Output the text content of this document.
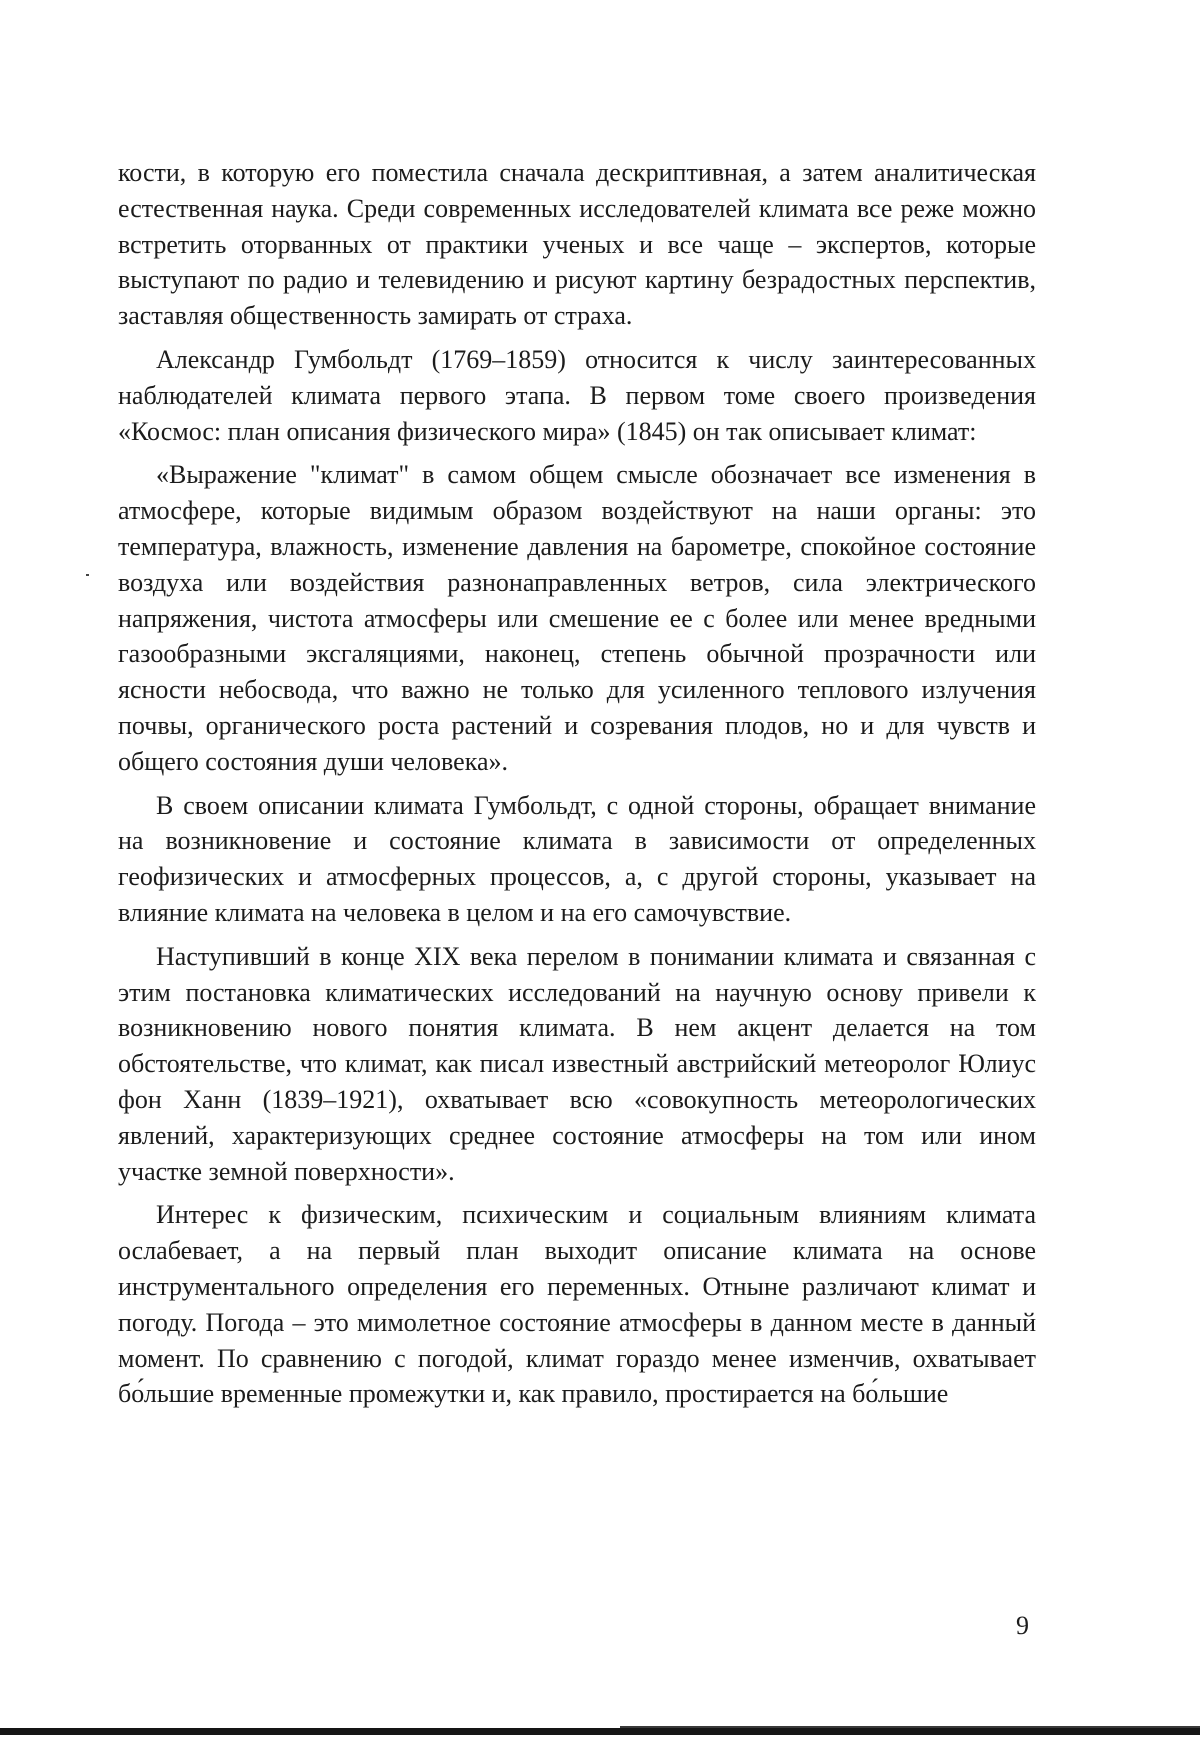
кости, в которую его поместила сначала дескриптивная, а затем аналитическая естественная наука. Среди современных исследователей климата все реже можно встретить оторванных от практики ученых и все чаще – экспертов, которые выступают по радио и телевидению и рисуют картину безрадостных перспектив, заставляя общественность замирать от страха.

Александр Гумбольдт (1769–1859) относится к числу заинтересованных наблюдателей климата первого этапа. В первом томе своего произведения «Космос: план описания физического мира» (1845) он так описывает климат:

«Выражение "климат" в самом общем смысле обозначает все изменения в атмосфере, которые видимым образом воздействуют на наши органы: это температура, влажность, изменение давления на барометре, спокойное состояние воздуха или воздействия разнонаправленных ветров, сила электрического напряжения, чистота атмосферы или смешение ее с более или менее вредными газообразными эксгаляциями, наконец, степень обычной прозрачности или ясности небосвода, что важно не только для усиленного теплового излучения почвы, органического роста растений и созревания плодов, но и для чувств и общего состояния души человека».

В своем описании климата Гумбольдт, с одной стороны, обращает внимание на возникновение и состояние климата в зависимости от определенных геофизических и атмосферных процессов, а, с другой стороны, указывает на влияние климата на человека в целом и на его самочувствие.

Наступивший в конце XIX века перелом в понимании климата и связанная с этим постановка климатических исследований на научную основу привели к возникновению нового понятия климата. В нем акцент делается на том обстоятельстве, что климат, как писал известный австрийский метеоролог Юлиус фон Ханн (1839–1921), охватывает всю «совокупность метеорологических явлений, характеризующих среднее состояние атмосферы на том или ином участке земной поверхности».

Интерес к физическим, психическим и социальным влияниям климата ослабевает, а на первый план выходит описание климата на основе инструментального определения его переменных. Отныне различают климат и погоду. Погода – это мимолетное состояние атмосферы в данном месте в данный момент. По сравнению с погодой, климат гораздо менее изменчив, охватывает бо́льшие временные промежутки и, как правило, простирается на бо́льшие

9
